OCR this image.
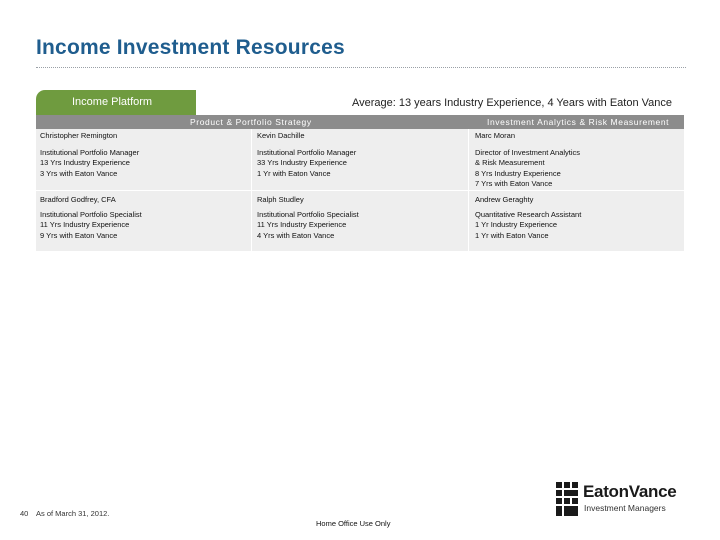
Income Investment Resources
Income Platform	Average: 13 years Industry Experience, 4 Years with Eaton Vance
Product & Portfolio Strategy	Investment Analytics & Risk Measurement
Christopher Remington
Institutional Portfolio Manager
13 Yrs Industry Experience
3 Yrs with Eaton Vance
Kevin Dachille
Institutional Portfolio Manager
33 Yrs Industry Experience
1 Yr with Eaton Vance
Marc Moran
Director of Investment Analytics
& Risk Measurement
8 Yrs Industry Experience
7 Yrs with Eaton Vance
Bradford Godfrey, CFA
Institutional Portfolio Specialist
11 Yrs Industry Experience
9 Yrs with Eaton Vance
Ralph Studley
Institutional Portfolio Specialist
11 Yrs Industry Experience
4 Yrs with Eaton Vance
Andrew Geraghty
Quantitative Research Assistant
1 Yr Industry Experience
1 Yr with Eaton Vance
40 As of March 31, 2012.
Home Office Use Only
EatonVance
Investment Managers
